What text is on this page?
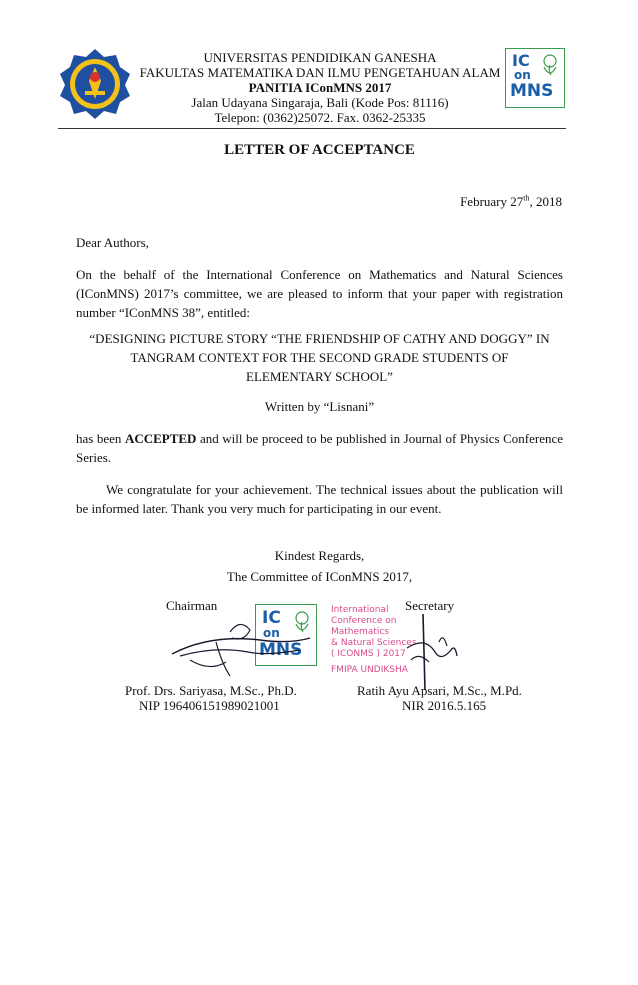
UNIVERSITAS PENDIDIKAN GANESHA
FAKULTAS MATEMATIKA DAN ILMU PENGETAHUAN ALAM
PANITIA IConMNS 2017
Jalan Udayana Singaraja, Bali (Kode Pos: 81116)
Telepon: (0362)25072. Fax. 0362-25335
IC
on
MNS
LETTER OF ACCEPTANCE
February 27th, 2018
Dear Authors,
On the behalf of the International Conference on Mathematics and Natural Sciences (IConMNS) 2017’s committee, we are pleased to inform that your paper with registration number “IConMNS 38”, entitled:
“DESIGNING PICTURE STORY “THE FRIENDSHIP OF CATHY AND DOGGY” IN TANGRAM CONTEXT FOR THE SECOND GRADE STUDENTS OF ELEMENTARY SCHOOL”
Written by “Lisnani”
has been ACCEPTED and will be proceed to be published in Journal of Physics Conference Series.
We congratulate for your achievement. The technical issues about the publication will be informed later. Thank you very much for participating in our event.
Kindest Regards,
The Committee of IConMNS 2017,
Chairman	Secretary
IC
on
MNS
International
Conference on
Mathematics
& Natural Sciences
( ICONMS ) 2017
FMIPA UNDIKSHA
Prof. Drs. Sariyasa, M.Sc., Ph.D.
NIP 196406151989021001
Ratih Ayu Apsari, M.Sc., M.Pd.
NIR 2016.5.165
